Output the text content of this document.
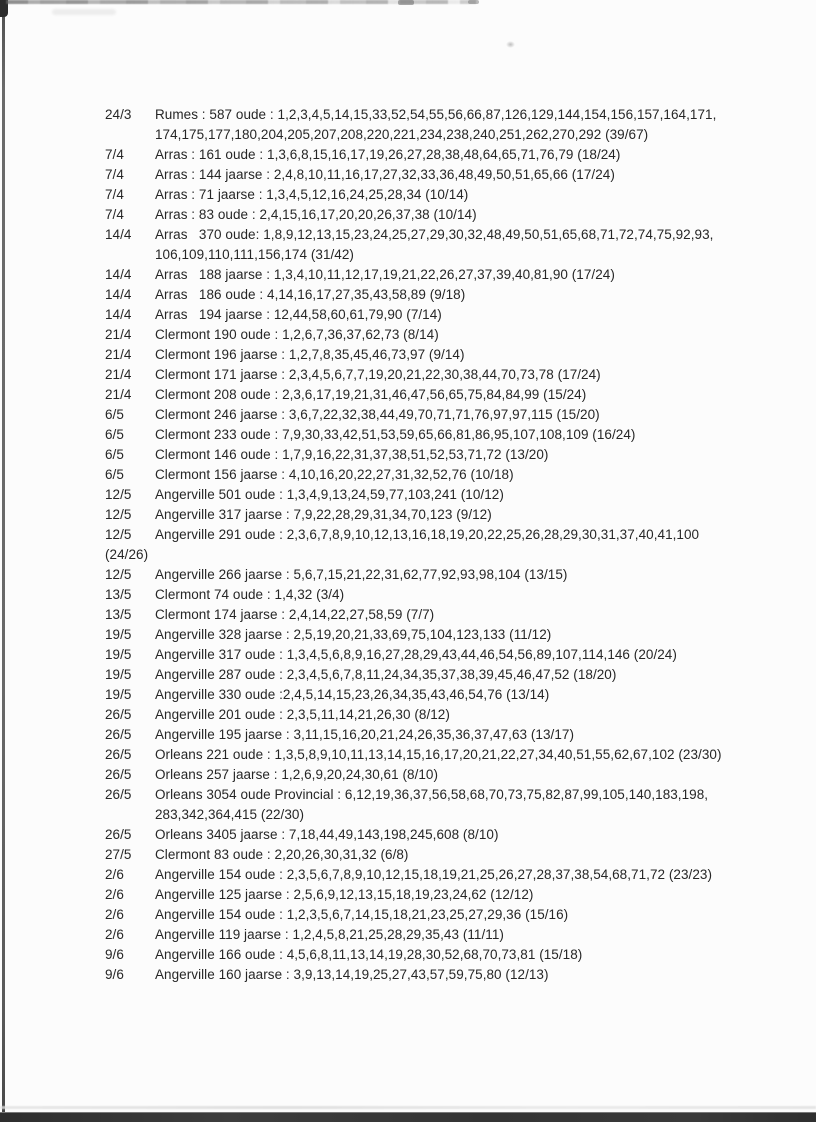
24/3	Rumes : 587 oude : 1,2,3,4,5,14,15,33,52,54,55,56,66,87,126,129,144,154,156,157,164,171,
174,175,177,180,204,205,207,208,220,221,234,238,240,251,262,270,292 (39/67)
7/4	Arras : 161 oude : 1,3,6,8,15,16,17,19,26,27,28,38,48,64,65,71,76,79 (18/24)
7/4	Arras : 144 jaarse : 2,4,8,10,11,16,17,27,32,33,36,48,49,50,51,65,66 (17/24)
7/4	Arras : 71 jaarse : 1,3,4,5,12,16,24,25,28,34 (10/14)
7/4	Arras : 83 oude : 2,4,15,16,17,20,20,26,37,38 (10/14)
14/4	Arras   370 oude: 1,8,9,12,13,15,23,24,25,27,29,30,32,48,49,50,51,65,68,71,72,74,75,92,93,
106,109,110,111,156,174 (31/42)
14/4	Arras   188 jaarse : 1,3,4,10,11,12,17,19,21,22,26,27,37,39,40,81,90 (17/24)
14/4	Arras   186 oude : 4,14,16,17,27,35,43,58,89 (9/18)
14/4	Arras   194 jaarse : 12,44,58,60,61,79,90 (7/14)
21/4	Clermont 190 oude : 1,2,6,7,36,37,62,73 (8/14)
21/4	Clermont 196 jaarse : 1,2,7,8,35,45,46,73,97 (9/14)
21/4	Clermont 171 jaarse : 2,3,4,5,6,7,7,19,20,21,22,30,38,44,70,73,78 (17/24)
21/4	Clermont 208 oude : 2,3,6,17,19,21,31,46,47,56,65,75,84,84,99 (15/24)
6/5	Clermont 246 jaarse : 3,6,7,22,32,38,44,49,70,71,71,76,97,97,115 (15/20)
6/5	Clermont 233 oude : 7,9,30,33,42,51,53,59,65,66,81,86,95,107,108,109 (16/24)
6/5	Clermont 146 oude : 1,7,9,16,22,31,37,38,51,52,53,71,72 (13/20)
6/5	Clermont 156 jaarse : 4,10,16,20,22,27,31,32,52,76 (10/18)
12/5	Angerville 501 oude : 1,3,4,9,13,24,59,77,103,241 (10/12)
12/5	Angerville 317 jaarse : 7,9,22,28,29,31,34,70,123 (9/12)
12/5	Angerville 291 oude : 2,3,6,7,8,9,10,12,13,16,18,19,20,22,25,26,28,29,30,31,37,40,41,100
(24/26)
12/5	Angerville 266 jaarse : 5,6,7,15,21,22,31,62,77,92,93,98,104 (13/15)
13/5	Clermont 74 oude : 1,4,32 (3/4)
13/5	Clermont 174 jaarse : 2,4,14,22,27,58,59 (7/7)
19/5	Angerville 328 jaarse : 2,5,19,20,21,33,69,75,104,123,133 (11/12)
19/5	Angerville 317 oude : 1,3,4,5,6,8,9,16,27,28,29,43,44,46,54,56,89,107,114,146 (20/24)
19/5	Angerville 287 oude : 2,3,4,5,6,7,8,11,24,34,35,37,38,39,45,46,47,52 (18/20)
19/5	Angerville 330 oude :2,4,5,14,15,23,26,34,35,43,46,54,76 (13/14)
26/5	Angerville 201 oude : 2,3,5,11,14,21,26,30 (8/12)
26/5	Angerville 195 jaarse : 3,11,15,16,20,21,24,26,35,36,37,47,63 (13/17)
26/5	Orleans 221 oude : 1,3,5,8,9,10,11,13,14,15,16,17,20,21,22,27,34,40,51,55,62,67,102 (23/30)
26/5	Orleans 257 jaarse : 1,2,6,9,20,24,30,61 (8/10)
26/5	Orleans 3054 oude Provincial : 6,12,19,36,37,56,58,68,70,73,75,82,87,99,105,140,183,198,
283,342,364,415 (22/30)
26/5	Orleans 3405 jaarse : 7,18,44,49,143,198,245,608 (8/10)
27/5	Clermont 83 oude : 2,20,26,30,31,32 (6/8)
2/6	Angerville 154 oude : 2,3,5,6,7,8,9,10,12,15,18,19,21,25,26,27,28,37,38,54,68,71,72 (23/23)
2/6	Angerville 125 jaarse : 2,5,6,9,12,13,15,18,19,23,24,62 (12/12)
2/6	Angerville 154 oude : 1,2,3,5,6,7,14,15,18,21,23,25,27,29,36 (15/16)
2/6	Angerville 119 jaarse : 1,2,4,5,8,21,25,28,29,35,43 (11/11)
9/6	Angerville 166 oude : 4,5,6,8,11,13,14,19,28,30,52,68,70,73,81 (15/18)
9/6	Angerville 160 jaarse : 3,9,13,14,19,25,27,43,57,59,75,80 (12/13)
